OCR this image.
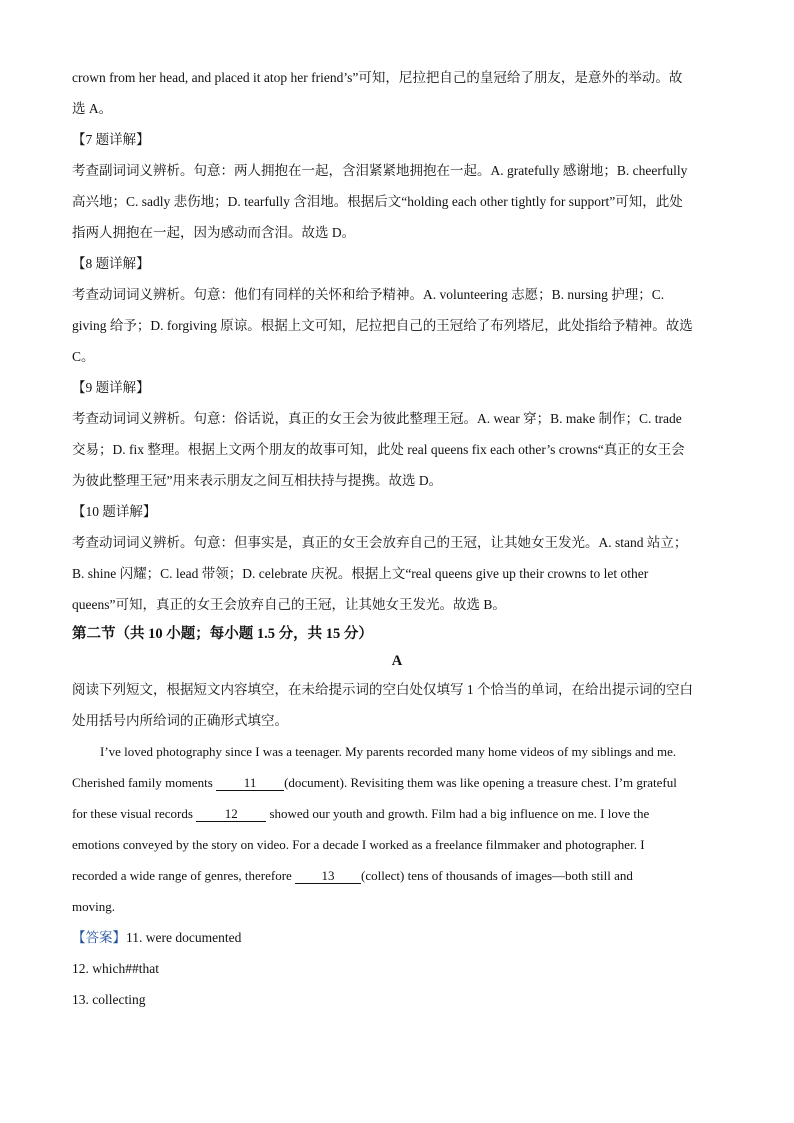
crown from her head, and placed it atop her friend’s”可知，尼拉把自己的皇冠给了朋友，是意外的举动。故
选 A。
【7 题详解】
考查副词词义辨析。句意：两人拥抱在一起，含泪紧紧地拥抱在一起。A. gratefully 感谢地；B. cheerfully
高兴地；C. sadly 悲伤地；D. tearfully 含泪地。根据后文“holding each other tightly for support”可知，此处
指两人拥抱在一起，因为感动而含泪。故选 D。
【8 题详解】
考查动词词义辨析。句意：他们有同样的关怀和给予精神。A. volunteering 志愿；B. nursing 护理；C.
giving 给予；D. forgiving 原谅。根据上文可知，尼拉把自己的王冠给了布列塔尼，此处指给予精神。故选
C。
【9 题详解】
考查动词词义辨析。句意：俗话说，真正的女王会为彼此整理王冠。A. wear 穿；B. make 制作；C. trade
交易；D. fix 整理。根据上文两个朋友的故事可知，此处 real queens fix each other’s crowns“真正的女王会
为彼此整理王冠”用来表示朋友之间互相扶持与提携。故选 D。
【10 题详解】
考查动词词义辨析。句意：但事实是，真正的女王会放弃自己的王冠，让其她女王发光。A. stand 站立；
B. shine 闪耀；C. lead 带领；D. celebrate 庆祝。根据上文“real queens give up their crowns to let other
queens”可知，真正的女王会放弃自己的王冠，让其她女王发光。故选 B。
第二节（共 10 小题；每小题 1.5 分，共 15 分）
A
阅读下列短文，根据短文内容填空，在未给提示词的空白处仅填写 1 个恰当的单词，在给出提示词的空白
处用括号内所给词的正确形式填空。
I’ve loved photography since I was a teenager. My parents recorded many home videos of my siblings and me.
Cherished family moments 11 (document). Revisiting them was like opening a treasure chest. I’m grateful
for these visual records 12 showed our youth and growth. Film had a big influence on me. I love the
emotions conveyed by the story on video. For a decade I worked as a freelance filmmaker and photographer. I
recorded a wide range of genres, therefore 13 (collect) tens of thousands of images—both still and
moving.
【答案】11. were documented
12. which##that
13. collecting
